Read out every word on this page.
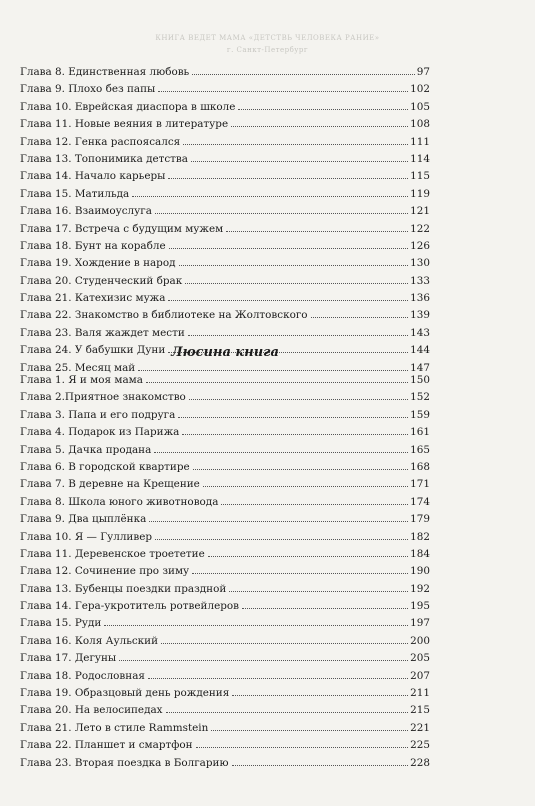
КНИГА ВЕДЕТ МАМА «ДЕТСТВЬ ЧЕЛОВЕКА РАНИЕ»
г. Санкт-Петербург
Глава 8. Единственная любовь	97
Глава 9. Плохо без папы	102
Глава 10. Еврейская диаспора в школе	105
Глава 11. Новые веяния в литературе	108
Глава 12. Генка распоясался	111
Глава 13. Топонимика детства	114
Глава 14. Начало карьеры	115
Глава 15. Матильда	119
Глава 16. Взаимоуслуга	121
Глава 17. Встреча с будущим мужем	122
Глава 18. Бунт на корабле	126
Глава 19. Хождение в народ	130
Глава 20. Студенческий брак	133
Глава 21. Катехизис мужа	136
Глава 22. Знакомство в библиотеке на Жолтовского	139
Глава 23. Валя жаждет мести	143
Глава 24. У бабушки Дуни	144
Глава 25. Месяц май	147
Люсина книга
Глава 1. Я и моя мама	150
Глава 2.Приятное знакомство	152
Глава 3. Папа и его подруга	159
Глава 4. Подарок из Парижа	161
Глава 5. Дачка продана	165
Глава 6. В городской квартире	168
Глава 7. В деревне на Крещение	171
Глава 8. Школа юного животновода	174
Глава 9. Два цыплёнка	179
Глава 10. Я — Гулливер	182
Глава 11. Деревенское троететие	184
Глава 12. Сочинение про зиму	190
Глава 13. Бубенцы поездки праздной	192
Глава 14. Гера-укротитель ротвейлеров	195
Глава 15. Руди	197
Глава 16. Коля Аульский	200
Глава 17. Дегуны	205
Глава 18. Родословная	207
Глава 19. Образцовый день рождения	211
Глава 20. На велосипедах	215
Глава 21. Лето в стиле Rammstein	221
Глава 22. Планшет и смартфон	225
Глава 23. Вторая поездка в Болгарию	228
